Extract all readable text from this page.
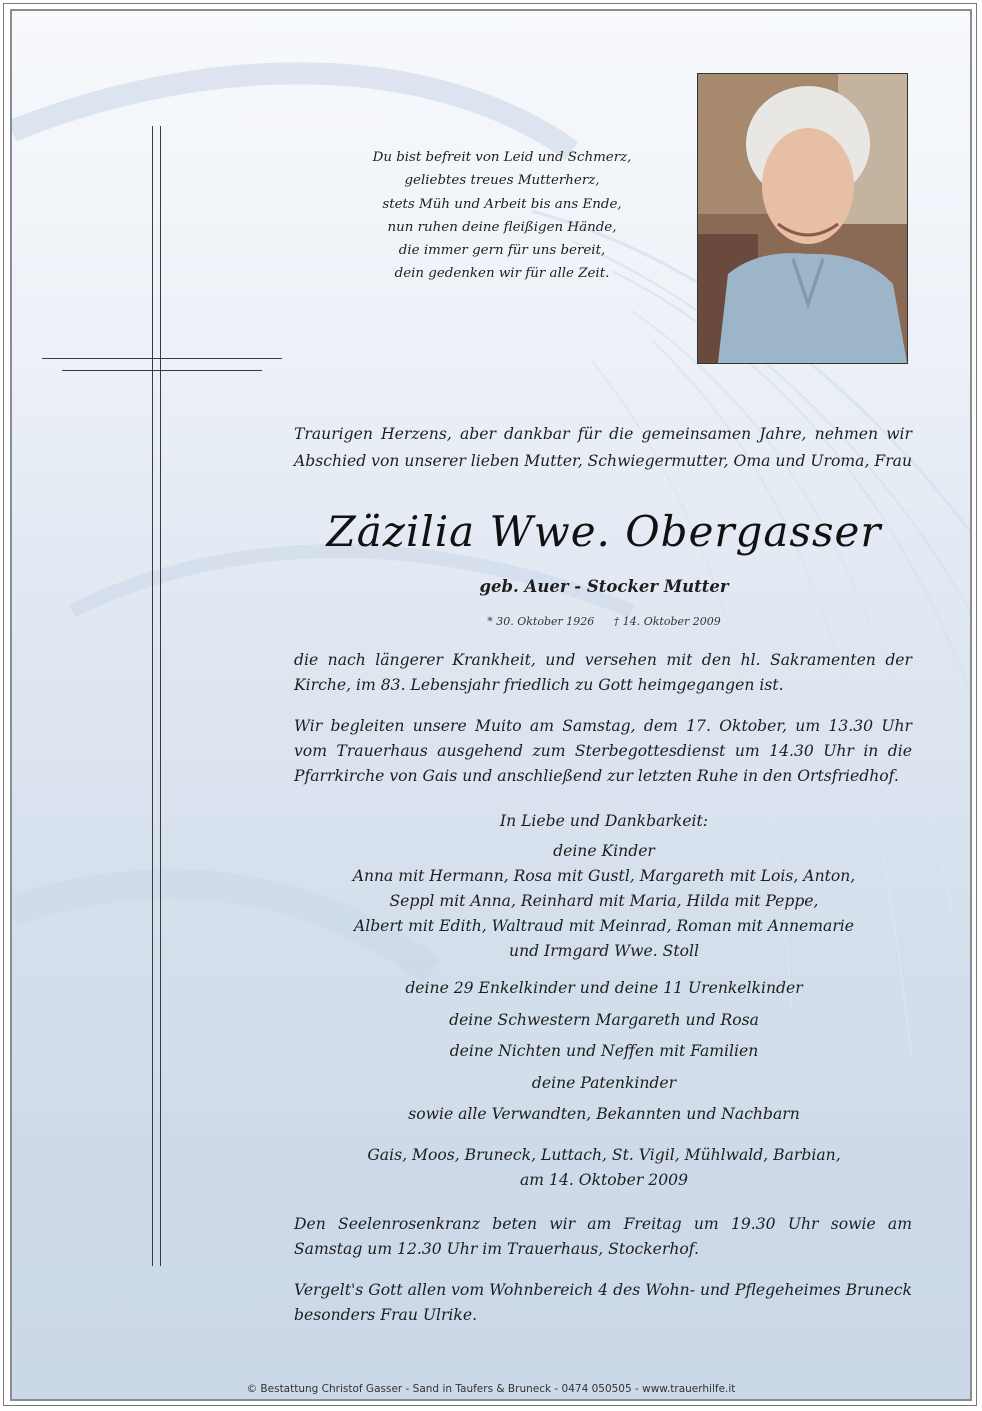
Du bist befreit von Leid und Schmerz,
geliebtes treues Mutterherz,
stets Müh und Arbeit bis ans Ende,
nun ruhen deine fleißigen Hände,
die immer gern für uns bereit,
dein gedenken wir für alle Zeit.
Traurigen Herzens, aber dankbar für die gemeinsamen Jahre, nehmen wir Abschied von unserer lieben Mutter, Schwiegermutter, Oma und Uroma, Frau
Zäzilia Wwe. Obergasser
geb. Auer - Stocker Mutter
* 30. Oktober 1926 † 14. Oktober 2009
die nach längerer Krankheit, und versehen mit den hl. Sakramenten der Kirche, im 83. Lebensjahr friedlich zu Gott heimgegangen ist.
Wir begleiten unsere Muito am Samstag, dem 17. Oktober, um 13.30 Uhr vom Trauerhaus ausgehend zum Sterbegottesdienst um 14.30 Uhr in die Pfarrkirche von Gais und anschließend zur letzten Ruhe in den Ortsfriedhof.
In Liebe und Dankbarkeit:
deine Kinder
Anna mit Hermann, Rosa mit Gustl, Margareth mit Lois, Anton,
Seppl mit Anna, Reinhard mit Maria, Hilda mit Peppe,
Albert mit Edith, Waltraud mit Meinrad, Roman mit Annemarie
und Irmgard Wwe. Stoll
deine 29 Enkelkinder und deine 11 Urenkelkinder
deine Schwestern Margareth und Rosa
deine Nichten und Neffen mit Familien
deine Patenkinder
sowie alle Verwandten, Bekannten und Nachbarn
Gais, Moos, Bruneck, Luttach, St. Vigil, Mühlwald, Barbian,
am 14. Oktober 2009
Den Seelenrosenkranz beten wir am Freitag um 19.30 Uhr sowie am Samstag um 12.30 Uhr im Trauerhaus, Stockerhof.
Vergelt's Gott allen vom Wohnbereich 4 des Wohn- und Pflegeheimes Bruneck besonders Frau Ulrike.
© Bestattung Christof Gasser - Sand in Taufers & Bruneck - 0474 050505 - www.trauerhilfe.it
